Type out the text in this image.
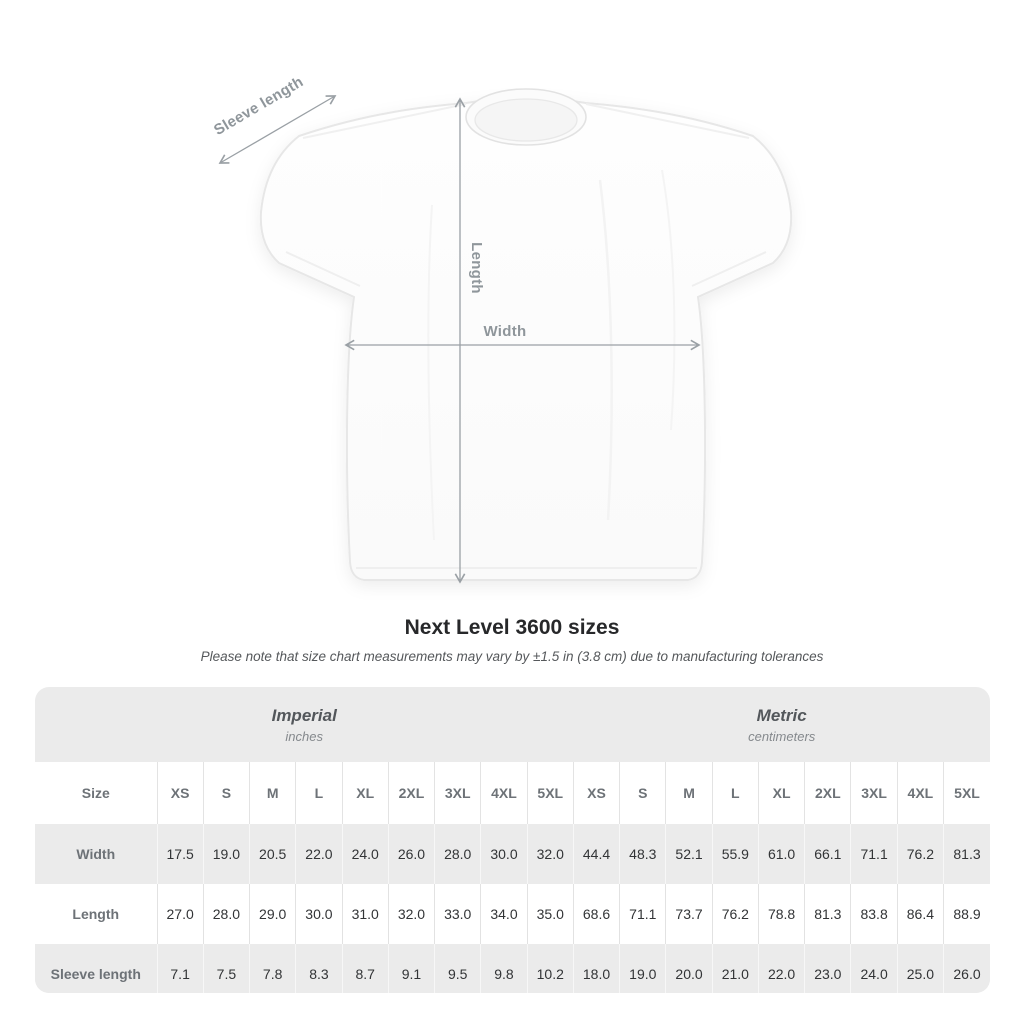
Width
Length
Sleeve length
Next Level 3600 sizes
Please note that size chart measurements may vary by ±1.5 in (3.8 cm) due to manufacturing tolerances
Imperial
inches

Metric
centimeters

Size	XS	S	M	L	XL	2XL	3XL	4XL	5XL	XS	S	M	L	XL	2XL	3XL	4XL	5XL
Width	17.5	19.0	20.5	22.0	24.0	26.0	28.0	30.0	32.0	44.4	48.3	52.1	55.9	61.0	66.1	71.1	76.2	81.3
Length	27.0	28.0	29.0	30.0	31.0	32.0	33.0	34.0	35.0	68.6	71.1	73.7	76.2	78.8	81.3	83.8	86.4	88.9
Sleeve length	7.1	7.5	7.8	8.3	8.7	9.1	9.5	9.8	10.2	18.0	19.0	20.0	21.0	22.0	23.0	24.0	25.0	26.0
